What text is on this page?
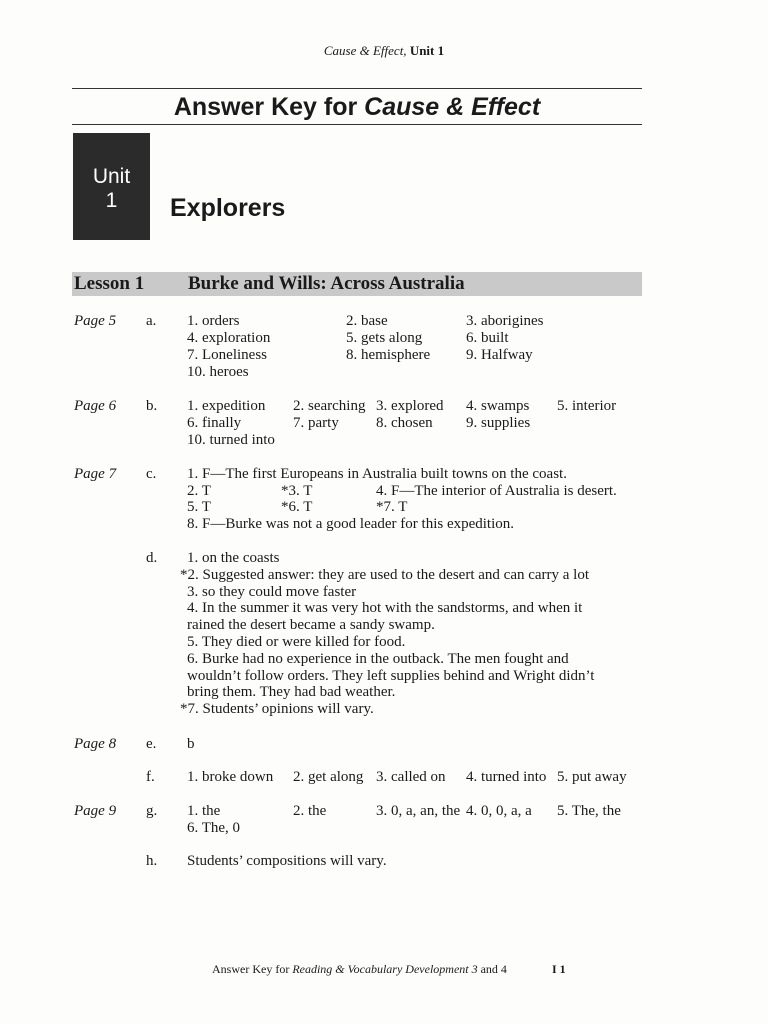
Cause & Effect, Unit 1
Answer Key for Cause & Effect
Unit
1	Explorers
Lesson 1 Burke and Wills: Across Australia
Page 5 a. 1. orders	2. base	3. aborigines
4. exploration	5. gets along	6. built
7. Loneliness	8. hemisphere 9. Halfway
10. heroes
Page 6 b. 1. expedition 2. searching 3. explored 4. swamps 5. interior
6. finally	7. party 8. chosen 9. supplies
10. turned into
Page 7 c. 1. F—The first Europeans in Australia built towns on the coast.
2. T	*3. T	4. F—The interior of Australia is desert.
5. T	*6. T	*7. T
8. F—Burke was not a good leader for this expedition.
d. 1. on the coasts
*2. Suggested answer: they are used to the desert and can carry a lot
3. so they could move faster
4. In the summer it was very hot with the sandstorms, and when it
rained the desert became a sandy swamp.
5. They died or were killed for food.
6. Burke had no experience in the outback. The men fought and
wouldn’t follow orders. They left supplies behind and Wright didn’t
bring them. They had bad weather.
*7. Students’ opinions will vary.
Page 8 e. b
f. 1. broke down 2. get along 3. called on 4. turned into 5. put away
Page 9 g. 1. the	2. the	3. 0, a, an, the 4. 0, 0, a, a 5. The, the
6. The, 0
h. Students’ compositions will vary.
Answer Key for Reading & Vocabulary Development 3 and 4	I 1
